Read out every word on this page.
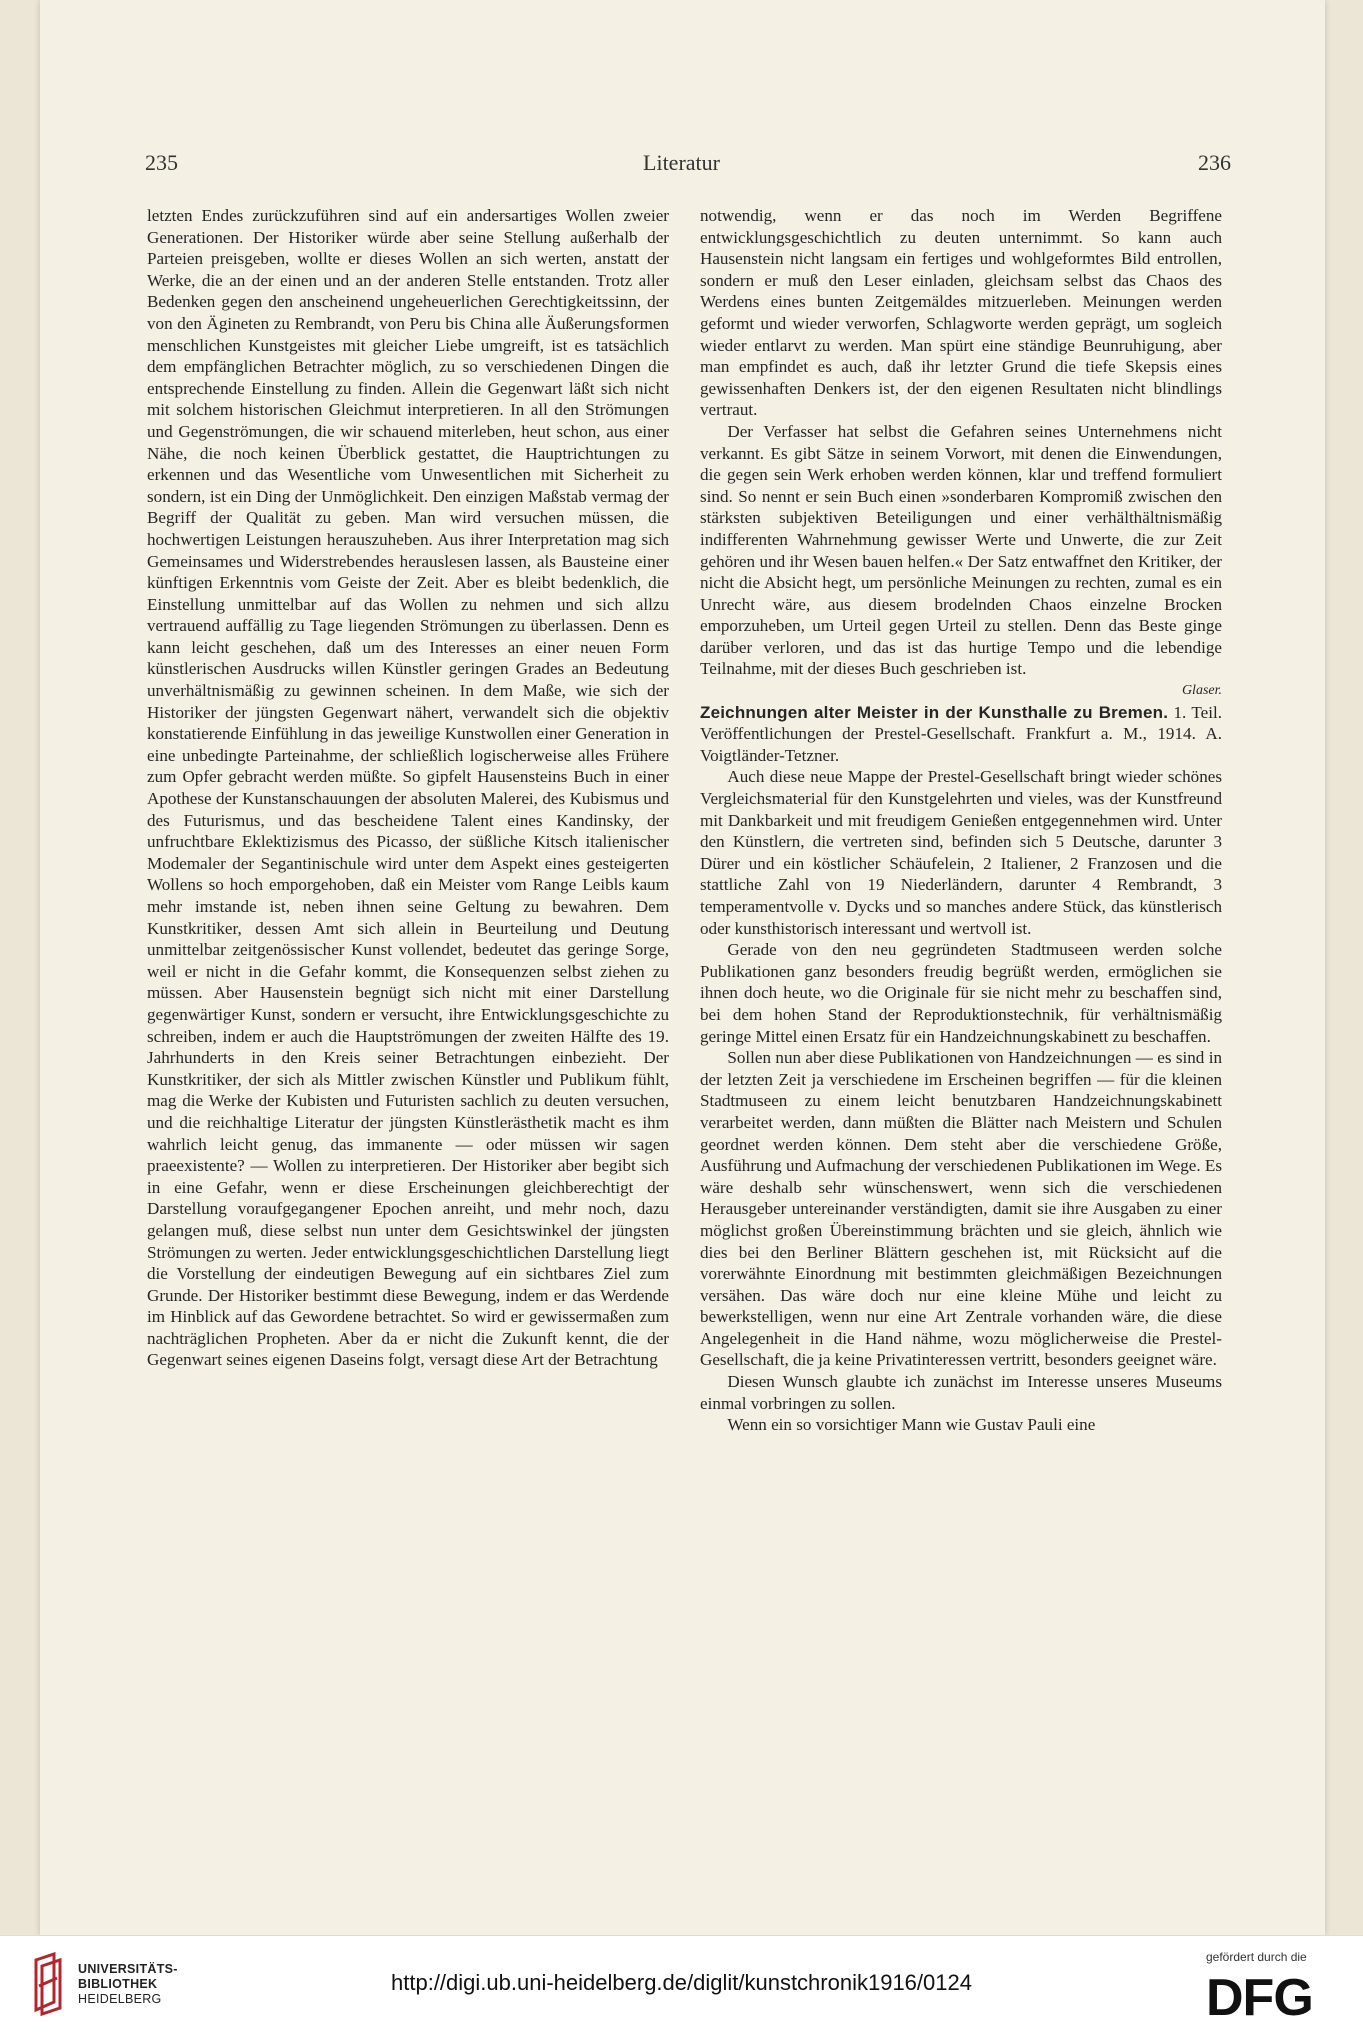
235	Literatur	236

letzten Endes zurückzuführen sind auf ein andersartiges Wollen zweier Generationen. Der Historiker würde aber seine Stellung außerhalb der Parteien preisgeben, wollte er dieses Wollen an sich werten, anstatt der Werke, die an der einen und an der anderen Stelle entstanden. Trotz aller Bedenken gegen den anscheinend ungeheuerlichen Gerechtigkeitssinn, der von den Ägineten zu Rembrandt, von Peru bis China alle Äußerungsformen menschlichen Kunstgeistes mit gleicher Liebe umgreift, ist es tatsächlich dem empfänglichen Betrachter möglich, zu so verschiedenen Dingen die entsprechende Einstellung zu finden. Allein die Gegenwart läßt sich nicht mit solchem historischen Gleichmut interpretieren. In all den Strömungen und Gegenströmungen, die wir schauend miterleben, heut schon, aus einer Nähe, die noch keinen Überblick gestattet, die Hauptrichtungen zu erkennen und das Wesentliche vom Unwesentlichen mit Sicherheit zu sondern, ist ein Ding der Unmöglichkeit. Den einzigen Maßstab vermag der Begriff der Qualität zu geben. Man wird versuchen müssen, die hochwertigen Leistungen herauszuheben. Aus ihrer Interpretation mag sich Gemeinsames und Widerstrebendes herauslesen lassen, als Bausteine einer künftigen Erkenntnis vom Geiste der Zeit. Aber es bleibt bedenklich, die Einstellung unmittelbar auf das Wollen zu nehmen und sich allzu vertrauend auffällig zu Tage liegenden Strömungen zu überlassen. Denn es kann leicht geschehen, daß um des Interesses an einer neuen Form künstlerischen Ausdrucks willen Künstler geringen Grades an Bedeutung unverhältnismäßig zu gewinnen scheinen. In dem Maße, wie sich der Historiker der jüngsten Gegenwart nähert, verwandelt sich die objektiv konstatierende Einfühlung in das jeweilige Kunstwollen einer Generation in eine unbedingte Parteinahme, der schließlich logischerweise alles Frühere zum Opfer gebracht werden müßte. So gipfelt Hausensteins Buch in einer Apothese der Kunstanschauungen der absoluten Malerei, des Kubismus und des Futurismus, und das bescheidene Talent eines Kandinsky, der unfruchtbare Eklektizismus des Picasso, der süßliche Kitsch italienischer Modemaler der Segantinischule wird unter dem Aspekt eines gesteigerten Wollens so hoch emporgehoben, daß ein Meister vom Range Leibls kaum mehr imstande ist, neben ihnen seine Geltung zu bewahren. Dem Kunstkritiker, dessen Amt sich allein in Beurteilung und Deutung unmittelbar zeitgenössischer Kunst vollendet, bedeutet das geringe Sorge, weil er nicht in die Gefahr kommt, die Konsequenzen selbst ziehen zu müssen. Aber Hausenstein begnügt sich nicht mit einer Darstellung gegenwärtiger Kunst, sondern er versucht, ihre Entwicklungsgeschichte zu schreiben, indem er auch die Hauptströmungen der zweiten Hälfte des 19. Jahrhunderts in den Kreis seiner Betrachtungen einbezieht. Der Kunstkritiker, der sich als Mittler zwischen Künstler und Publikum fühlt, mag die Werke der Kubisten und Futuristen sachlich zu deuten versuchen, und die reichhaltige Literatur der jüngsten Künstlerästhetik macht es ihm wahrlich leicht genug, das immanente — oder müssen wir sagen praeexistente? — Wollen zu interpretieren. Der Historiker aber begibt sich in eine Gefahr, wenn er diese Erscheinungen gleichberechtigt der Darstellung voraufgegangener Epochen anreiht, und mehr noch, dazu gelangen muß, diese selbst nun unter dem Gesichtswinkel der jüngsten Strömungen zu werten. Jeder entwicklungsgeschichtlichen Darstellung liegt die Vorstellung der eindeutigen Bewegung auf ein sichtbares Ziel zum Grunde. Der Historiker bestimmt diese Bewegung, indem er das Werdende im Hinblick auf das Gewordene betrachtet. So wird er gewissermaßen zum nachträglichen Propheten. Aber da er nicht die Zukunft kennt, die der Gegenwart seines eigenen Daseins folgt, versagt diese Art der Betrachtung

notwendig, wenn er das noch im Werden Begriffene entwicklungsgeschichtlich zu deuten unternimmt. So kann auch Hausenstein nicht langsam ein fertiges und wohlgeformtes Bild entrollen, sondern er muß den Leser einladen, gleichsam selbst das Chaos des Werdens eines bunten Zeitgemäldes mitzuerleben. Meinungen werden geformt und wieder verworfen, Schlagworte werden geprägt, um sogleich wieder entlarvt zu werden. Man spürt eine ständige Beunruhigung, aber man empfindet es auch, daß ihr letzter Grund die tiefe Skepsis eines gewissenhaften Denkers ist, der den eigenen Resultaten nicht blindlings vertraut.

Der Verfasser hat selbst die Gefahren seines Unternehmens nicht verkannt. Es gibt Sätze in seinem Vorwort, mit denen die Einwendungen, die gegen sein Werk erhoben werden können, klar und treffend formuliert sind. So nennt er sein Buch einen »sonderbaren Kompromiß zwischen den stärksten subjektiven Beteiligungen und einer verhälthältnismäßig indifferenten Wahrnehmung gewisser Werte und Unwerte, die zur Zeit gehören und ihr Wesen bauen helfen.« Der Satz entwaffnet den Kritiker, der nicht die Absicht hegt, um persönliche Meinungen zu rechten, zumal es ein Unrecht wäre, aus diesem brodelnden Chaos einzelne Brocken emporzuheben, um Urteil gegen Urteil zu stellen. Denn das Beste ginge darüber verloren, und das ist das hurtige Tempo und die lebendige Teilnahme, mit der dieses Buch geschrieben ist.

Glaser.

Zeichnungen alter Meister in der Kunsthalle zu Bremen. 1. Teil. Veröffentlichungen der Prestel-Gesellschaft. Frankfurt a. M., 1914. A. Voigtländer-Tetzner.

Auch diese neue Mappe der Prestel-Gesellschaft bringt wieder schönes Vergleichsmaterial für den Kunstgelehrten und vieles, was der Kunstfreund mit Dankbarkeit und mit freudigem Genießen entgegennehmen wird. Unter den Künstlern, die vertreten sind, befinden sich 5 Deutsche, darunter 3 Dürer und ein köstlicher Schäufelein, 2 Italiener, 2 Franzosen und die stattliche Zahl von 19 Niederländern, darunter 4 Rembrandt, 3 temperamentvolle v. Dycks und so manches andere Stück, das künstlerisch oder kunsthistorisch interessant und wertvoll ist.

Gerade von den neu gegründeten Stadtmuseen werden solche Publikationen ganz besonders freudig begrüßt werden, ermöglichen sie ihnen doch heute, wo die Originale für sie nicht mehr zu beschaffen sind, bei dem hohen Stand der Reproduktionstechnik, für verhältnismäßig geringe Mittel einen Ersatz für ein Handzeichnungskabinett zu beschaffen.

Sollen nun aber diese Publikationen von Handzeichnungen — es sind in der letzten Zeit ja verschiedene im Erscheinen begriffen — für die kleinen Stadtmuseen zu einem leicht benutzbaren Handzeichnungskabinett verarbeitet werden, dann müßten die Blätter nach Meistern und Schulen geordnet werden können. Dem steht aber die verschiedene Größe, Ausführung und Aufmachung der verschiedenen Publikationen im Wege. Es wäre deshalb sehr wünschenswert, wenn sich die verschiedenen Herausgeber untereinander verständigten, damit sie ihre Ausgaben zu einer möglichst großen Übereinstimmung brächten und sie gleich, ähnlich wie dies bei den Berliner Blättern geschehen ist, mit Rücksicht auf die vorerwähnte Einordnung mit bestimmten gleichmäßigen Bezeichnungen versähen. Das wäre doch nur eine kleine Mühe und leicht zu bewerkstelligen, wenn nur eine Art Zentrale vorhanden wäre, die diese Angelegenheit in die Hand nähme, wozu möglicherweise die Prestel-Gesellschaft, die ja keine Privatinteressen vertritt, besonders geeignet wäre.

Diesen Wunsch glaubte ich zunächst im Interesse unseres Museums einmal vorbringen zu sollen.

Wenn ein so vorsichtiger Mann wie Gustav Pauli eine

UNIVERSITÄTS-
BIBLIOTHEK
HEIDELBERG
http://digi.ub.uni-heidelberg.de/diglit/kunstchronik1916/0124
gefördert durch die
DFG
